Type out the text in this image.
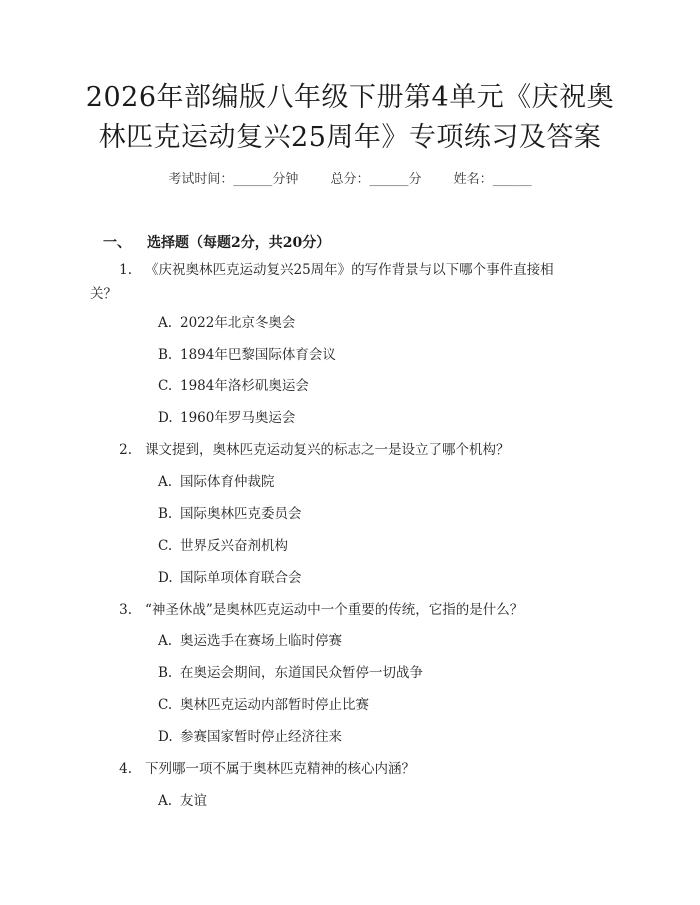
2026年部编版八年级下册第4单元《庆祝奥
林匹克运动复兴25周年》专项练习及答案
考试时间：______分钟 总分：______分 姓名：______
一、 选择题（每题2分，共20分）
1. 《庆祝奥林匹克运动复兴25周年》的写作背景与以下哪个事件直接相
关？
A. 2022年北京冬奥会
B. 1894年巴黎国际体育会议
C. 1984年洛杉矶奥运会
D. 1960年罗马奥运会
2. 课文提到，奥林匹克运动复兴的标志之一是设立了哪个机构？
A. 国际体育仲裁院
B. 国际奥林匹克委员会
C. 世界反兴奋剂机构
D. 国际单项体育联合会
3. “神圣休战”是奥林匹克运动中一个重要的传统，它指的是什么？
A. 奥运选手在赛场上临时停赛
B. 在奥运会期间，东道国民众暂停一切战争
C. 奥林匹克运动内部暂时停止比赛
D. 参赛国家暂时停止经济往来
4. 下列哪一项不属于奥林匹克精神的核心内涵？
A. 友谊
